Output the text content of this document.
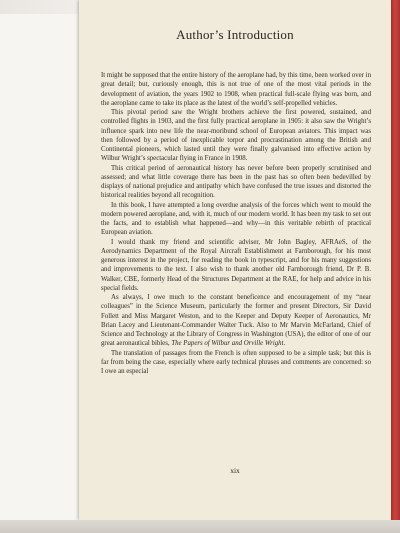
Author’s Introduction

It might be supposed that the entire history of the aeroplane had, by this time, been worked over in great detail; but, curiously enough, this is not true of one of the most vital periods in the development of aviation, the years 1902 to 1908, when practical full-scale flying was born, and the aeroplane came to take its place as the latest of the world’s self-propelled vehicles.

This pivotal period saw the Wright brothers achieve the first powered, sustained, and controlled flights in 1903, and the first fully practical aeroplane in 1905: it also saw the Wright’s influence spark into new life the near-moribund school of European aviators. This impact was then followed by a period of inexplicable torpor and procrastination among the British and Continental pioneers, which lasted until they were finally galvanised into effective action by Wilbur Wright’s spectacular flying in France in 1908.

This critical period of aeronautical history has never before been properly scrutinised and assessed; and what little coverage there has been in the past has so often been bedevilled by displays of national prejudice and antipathy which have confused the true issues and distorted the historical realities beyond all recognition.

In this book, I have attempted a long overdue analysis of the forces which went to mould the modern powered aeroplane, and, with it, much of our modern world. It has been my task to set out the facts, and to establish what happened—and why—in this veritable rebirth of practical European aviation.

I would thank my friend and scientific adviser, Mr John Bagley, AFRAeS, of the Aerodynamics Department of the Royal Aircraft Establishment at Farnborough, for his most generous interest in the project, for reading the book in typescript, and for his many suggestions and improvements to the text. I also wish to thank another old Farnborough friend, Dr P. B. Walker, CBE, formerly Head of the Structures Department at the RAE, for help and advice in his special fields.

As always, I owe much to the constant beneficence and encouragement of my “near colleagues” in the Science Museum, particularly the former and present Directors, Sir David Follett and Miss Margaret Weston, and to the Keeper and Deputy Keeper of Aeronautics, Mr Brian Lacey and Lieutenant-Commander Walter Tuck. Also to Mr Marvin McFarland, Chief of Science and Technology at the Library of Congress in Washington (USA), the editor of one of our great aeronautical bibles, The Papers of Wilbur and Orville Wright.

The translation of passages from the French is often supposed to be a simple task; but this is far from being the case, especially where early technical phrases and comments are concerned: so I owe an especial

xix
